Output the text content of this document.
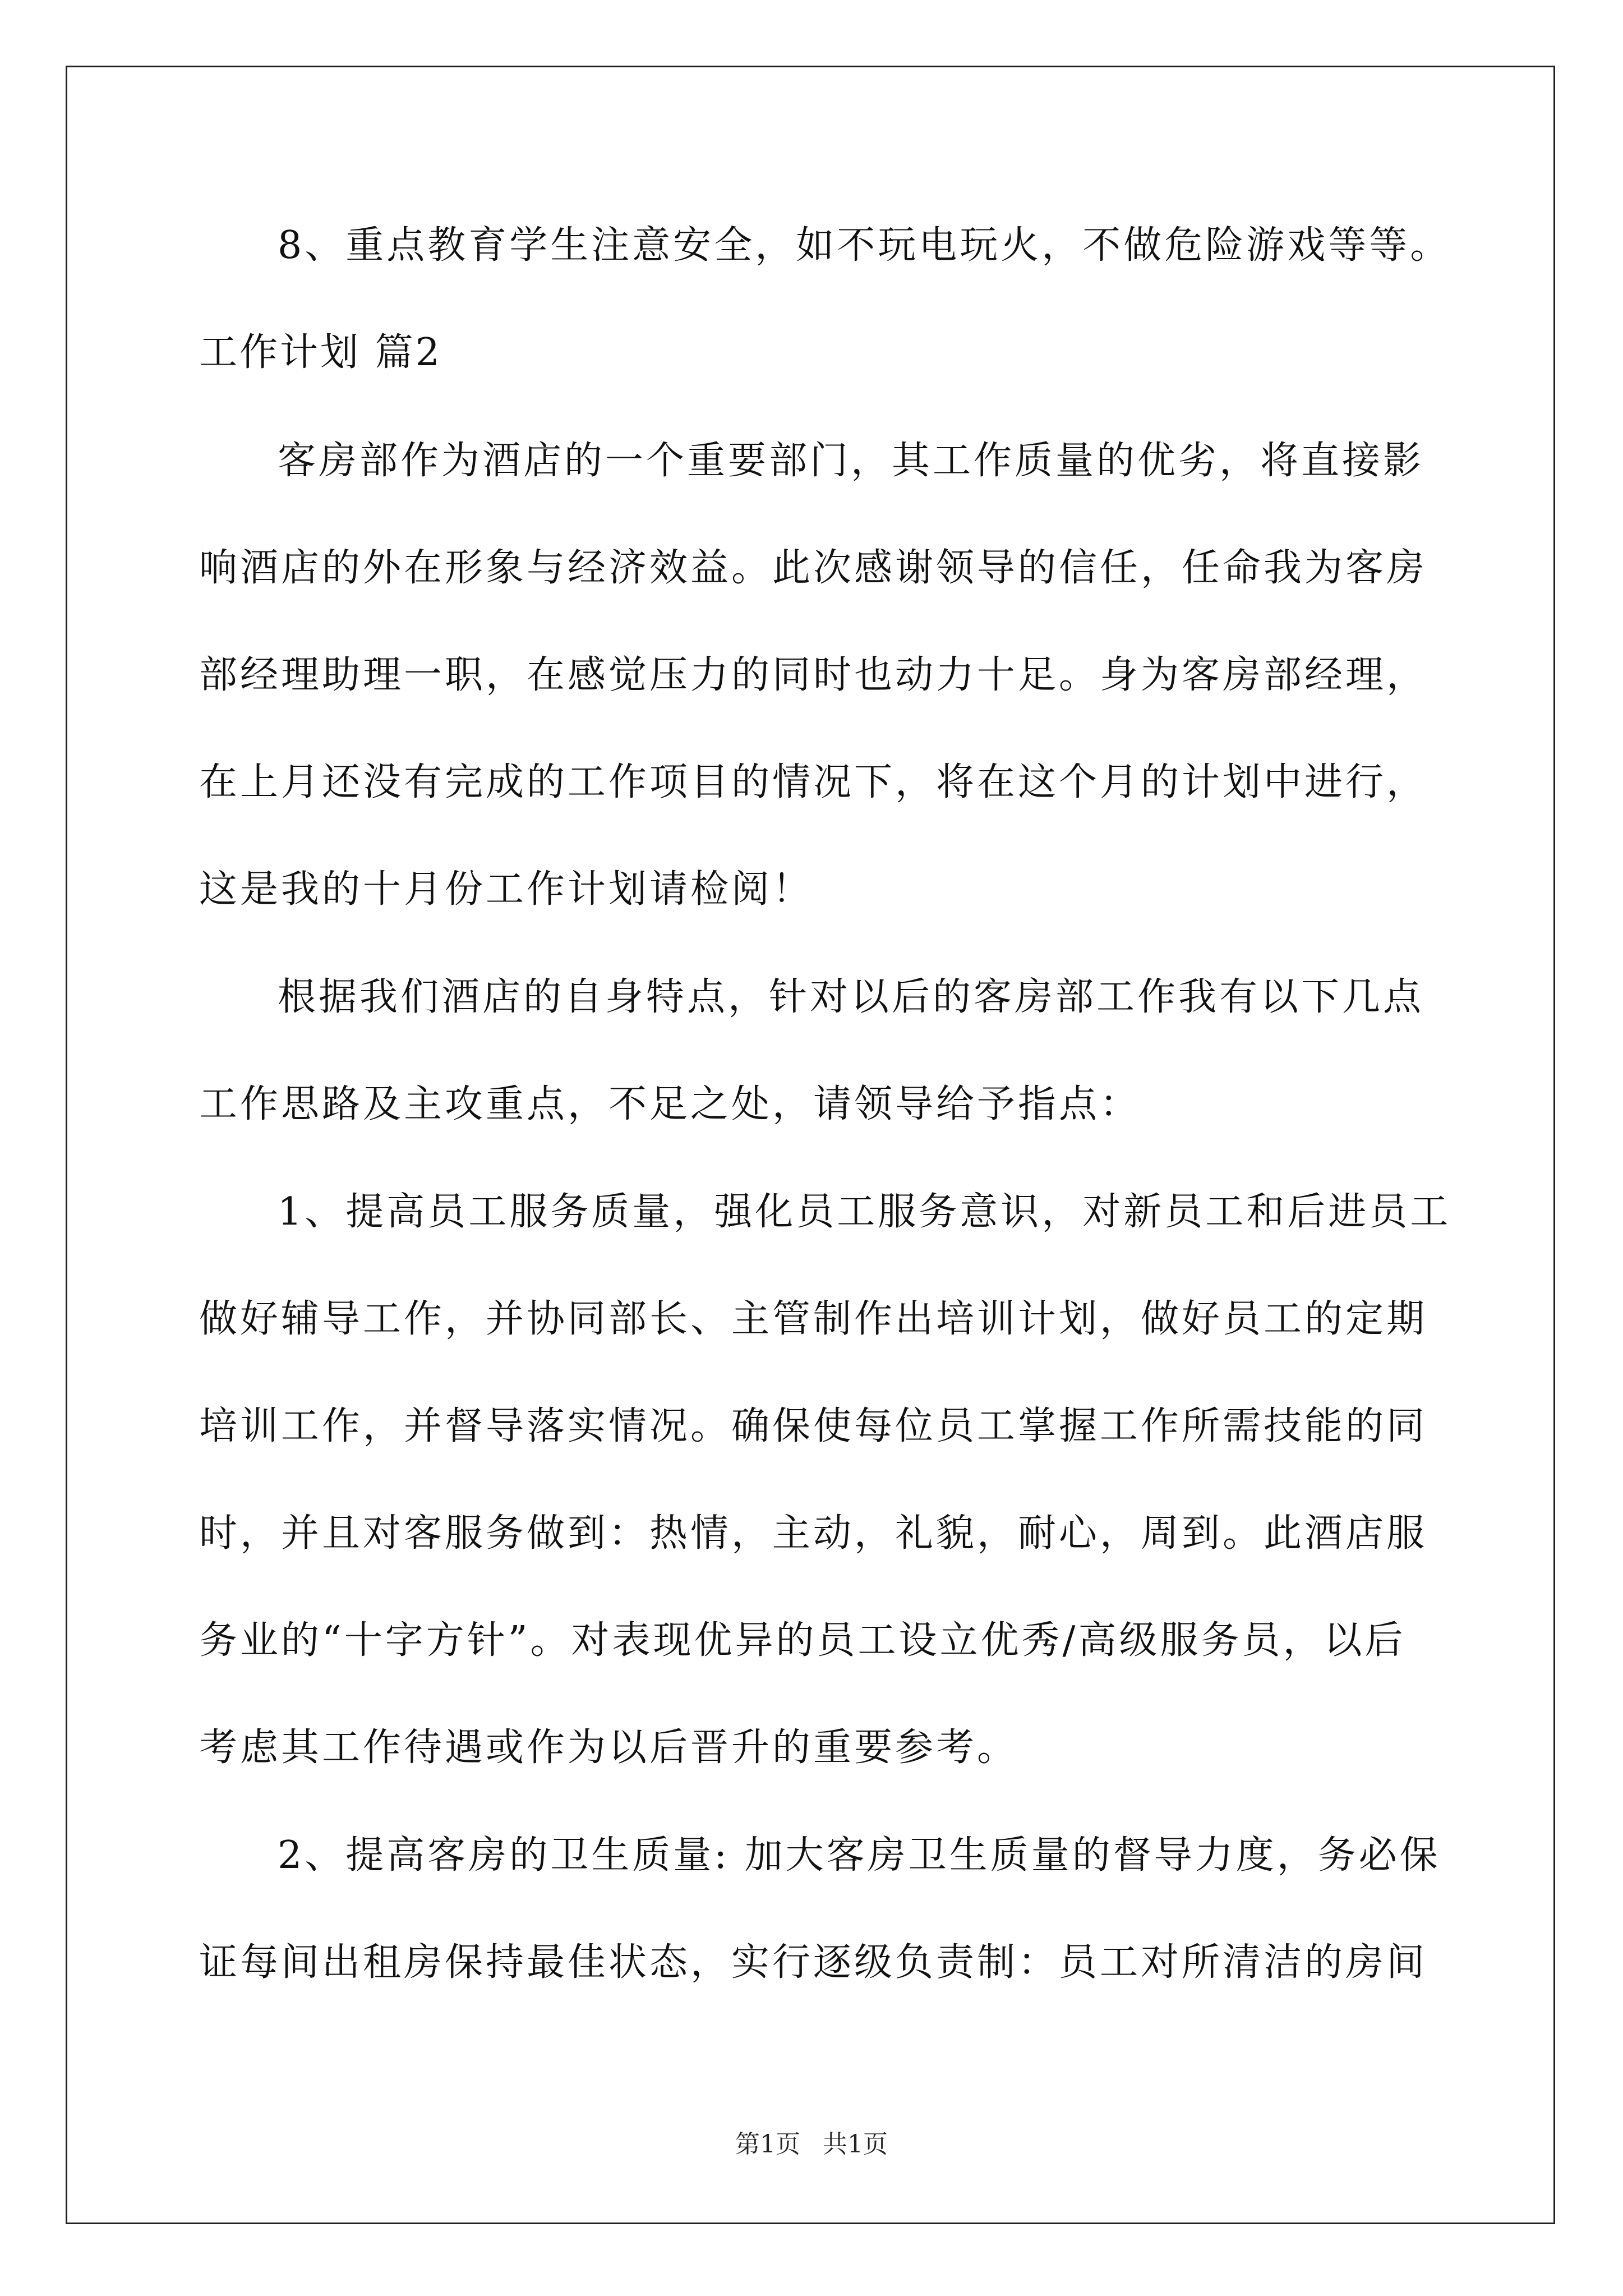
8、重点教育学生注意安全，如不玩电玩火，不做危险游戏等等。
工作计划 篇2
客房部作为酒店的一个重要部门，其工作质量的优劣，将直接影
响酒店的外在形象与经济效益。此次感谢领导的信任，任命我为客房
部经理助理一职，在感觉压力的同时也动力十足。身为客房部经理，
在上月还没有完成的工作项目的情况下，将在这个月的计划中进行，
这是我的十月份工作计划请检阅！
根据我们酒店的自身特点，针对以后的客房部工作我有以下几点
工作思路及主攻重点，不足之处，请领导给予指点：
1、提高员工服务质量，强化员工服务意识，对新员工和后进员工
做好辅导工作，并协同部长、主管制作出培训计划，做好员工的定期
培训工作，并督导落实情况。确保使每位员工掌握工作所需技能的同
时，并且对客服务做到：热情，主动，礼貌，耐心，周到。此酒店服
务业的“十字方针”。对表现优异的员工设立优秀/高级服务员，以后
考虑其工作待遇或作为以后晋升的重要参考。
2、提高客房的卫生质量: 加大客房卫生质量的督导力度，务必保
证每间出租房保持最佳状态，实行逐级负责制：员工对所清洁的房间
第1页 共1页
